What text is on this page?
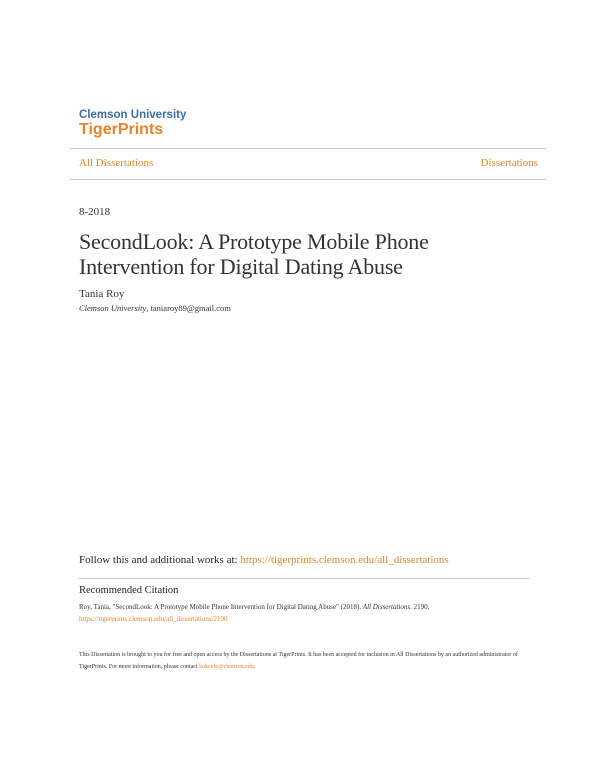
Clemson University
TigerPrints
All Dissertations	Dissertations
8-2018
SecondLook: A Prototype Mobile Phone Intervention for Digital Dating Abuse
Tania Roy
Clemson University, taniaroy89@gmail.com
Follow this and additional works at: https://tigerprints.clemson.edu/all_dissertations
Recommended Citation
Roy, Tania, "SecondLook: A Prototype Mobile Phone Intervention for Digital Dating Abuse" (2018). All Dissertations. 2190.
https://tigerprints.clemson.edu/all_dissertations/2190
This Dissertation is brought to you for free and open access by the Dissertations at TigerPrints. It has been accepted for inclusion in All Dissertations by an authorized administrator of TigerPrints. For more information, please contact kokeefe@clemson.edu.
